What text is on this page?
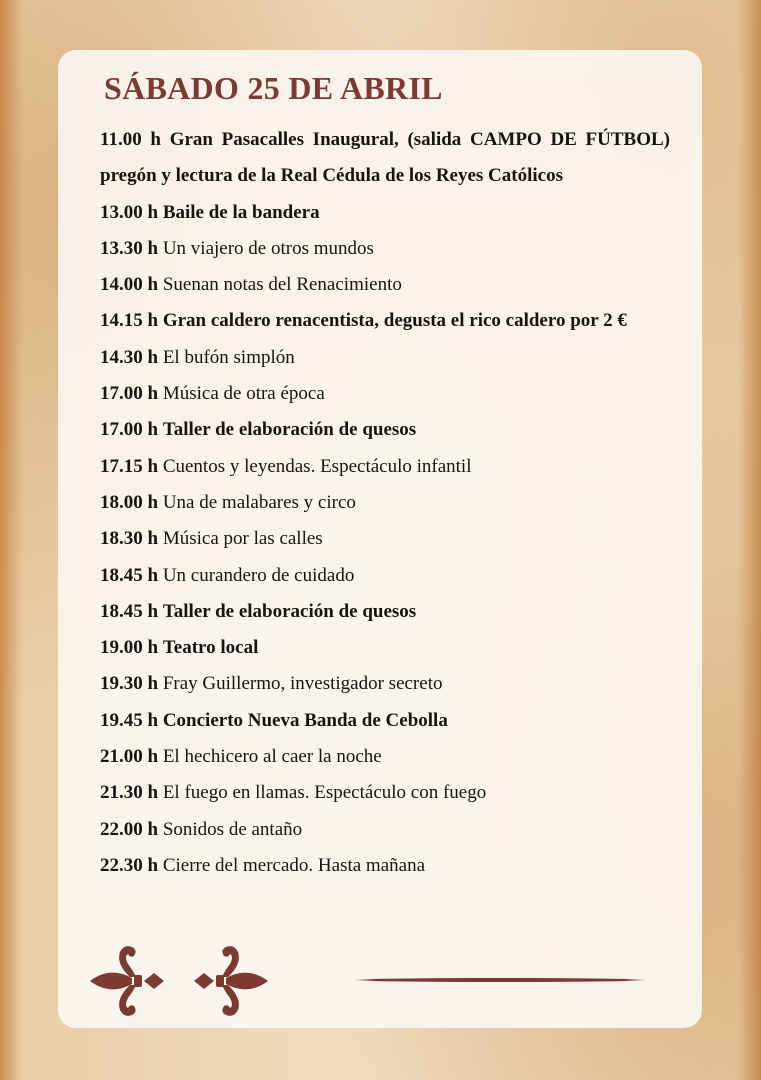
SÁBADO 25 DE ABRIL

11.00 h Gran Pasacalles Inaugural, (salida CAMPO DE FÚTBOL) pregón y lectura de la Real Cédula de los Reyes Católicos

13.00 h Baile de la bandera

13.30 h Un viajero de otros mundos

14.00 h Suenan notas del Renacimiento

14.15 h Gran caldero renacentista, degusta el rico caldero por 2 €

14.30 h El bufón simplón

17.00 h Música de otra época

17.00 h Taller de elaboración de quesos

17.15 h Cuentos y leyendas. Espectáculo infantil

18.00 h Una de malabares y circo

18.30 h Música por las calles

18.45 h Un curandero de cuidado

18.45 h Taller de elaboración de quesos

19.00 h Teatro local

19.30 h Fray Guillermo, investigador secreto

19.45 h Concierto Nueva Banda de Cebolla

21.00 h El hechicero al caer la noche

21.30 h El fuego en llamas. Espectáculo con fuego

22.00 h Sonidos de antaño

22.30 h Cierre del mercado. Hasta mañana
